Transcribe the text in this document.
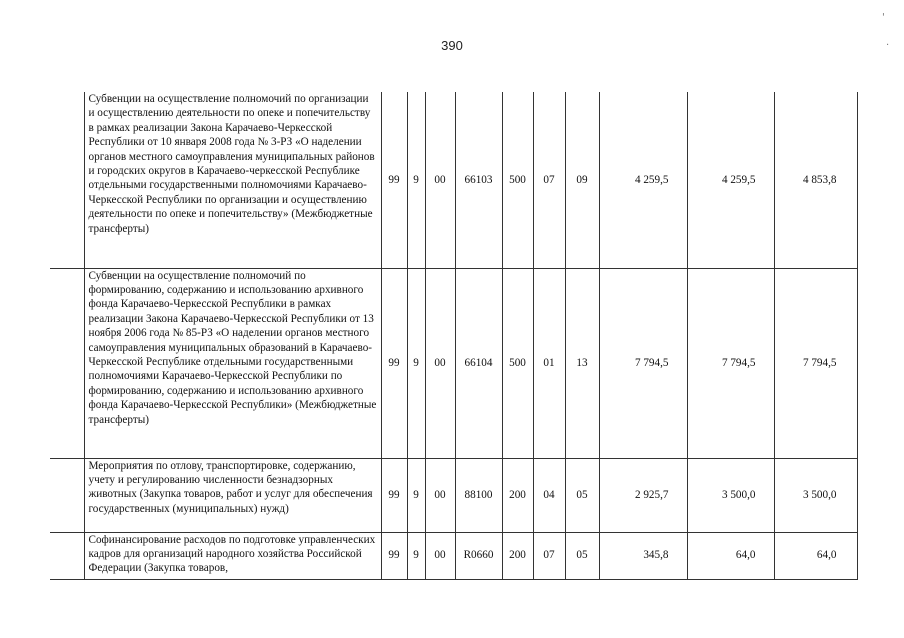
390
'
·
	Субвенции на осуществление полномочий по организации и осуществлению деятельности по опеке и попечительству в рамках реализации Закона Карачаево-Черкесской Республики от 10 января 2008 года № 3-РЗ «О наделении органов местного самоуправления муниципальных районов и городских округов в Карачаево-черкесской Республике отдельными государственными полномочиями Карачаево-Черкесской Республики по организации и осуществлению деятельности по опеке и попечительству» (Межбюджетные трансферты)	99	9	00	66103	500	07	09	4 259,5	4 259,5	4 853,8
	Субвенции на осуществление полномочий по формированию, содержанию и использованию архивного фонда Карачаево-Черкесской Республики в рамках реализации Закона Карачаево-Черкесской Республики от 13 ноября 2006 года № 85-РЗ «О наделении органов местного самоуправления муниципальных образований в Карачаево-Черкесской Республике отдельными государственными полномочиями Карачаево-Черкесской Республики по формированию, содержанию и использованию архивного фонда Карачаево-Черкесской Республики» (Межбюджетные трансферты)	99	9	00	66104	500	01	13	7 794,5	7 794,5	7 794,5
	Мероприятия по отлову, транспортировке, содержанию, учету и регулированию численности безнадзорных животных (Закупка товаров, работ и услуг для обеспечения государственных (муниципальных) нужд)	99	9	00	88100	200	04	05	2 925,7	3 500,0	3 500,0
	Софинансирование расходов по подготовке управленческих кадров для организаций народного хозяйства Российской Федерации (Закупка товаров,	99	9	00	R0660	200	07	05	345,8	64,0	64,0
